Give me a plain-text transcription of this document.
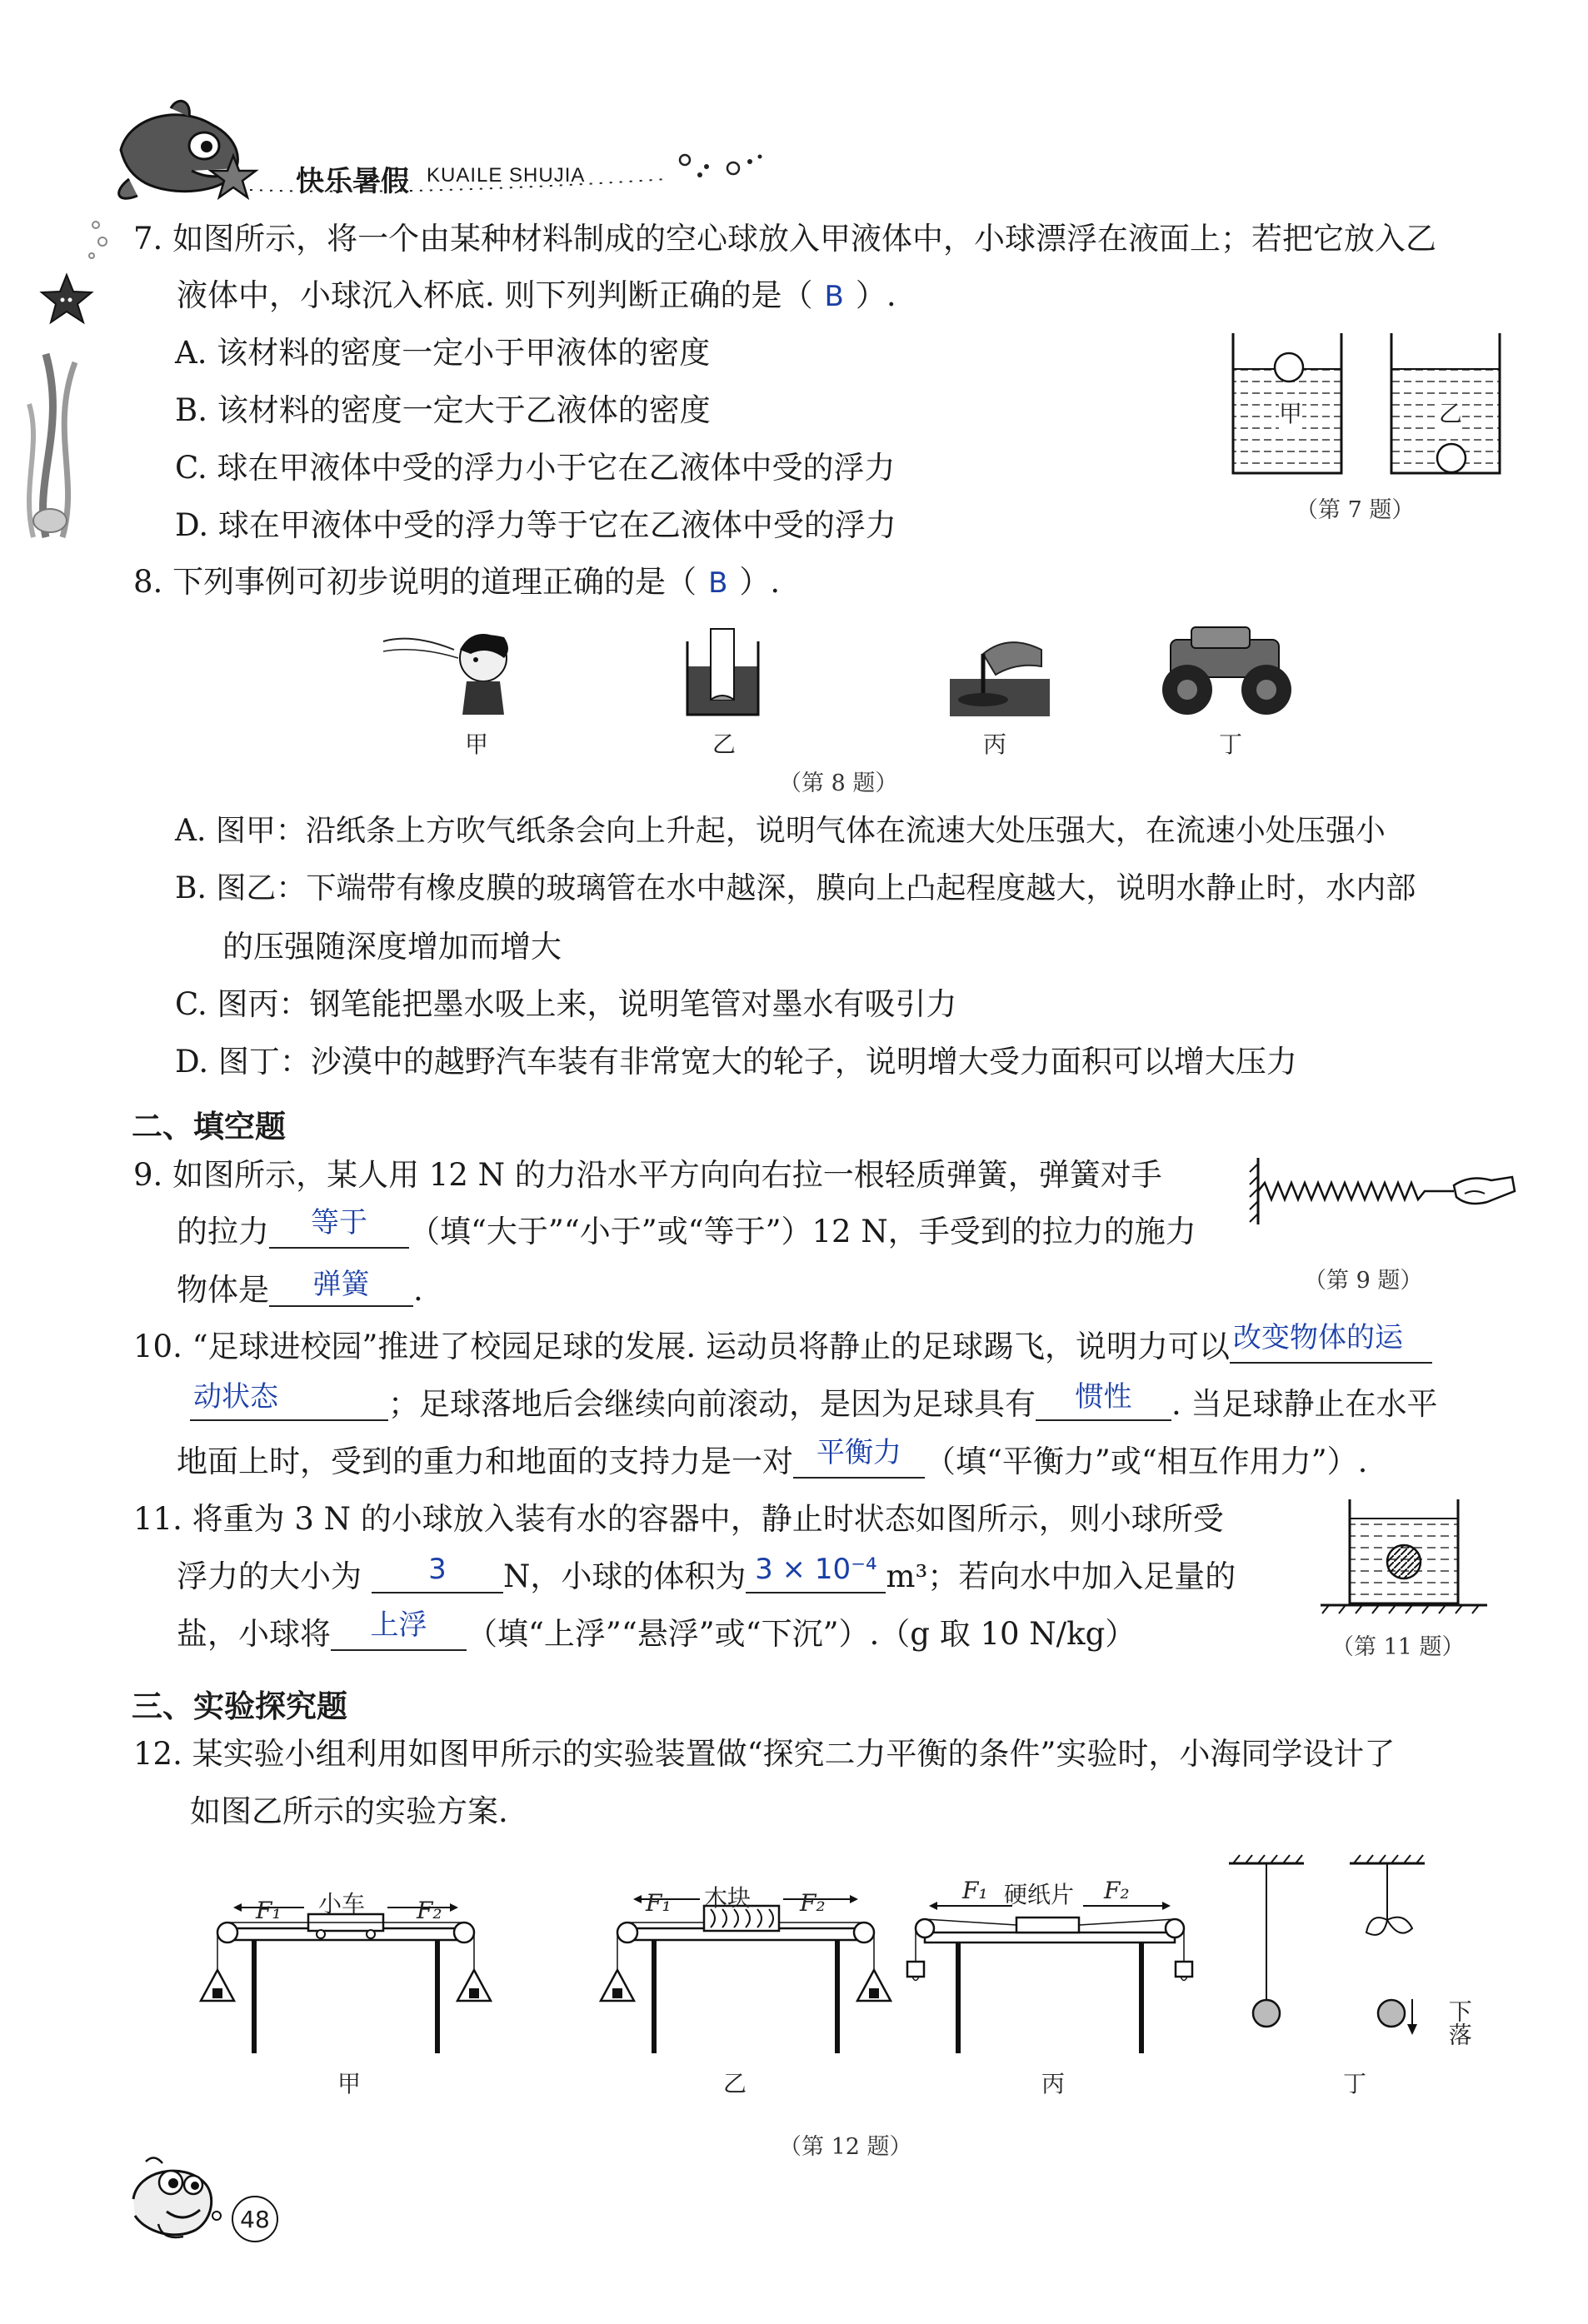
快乐暑假 KUAILE SHUJIA
7. 如图所示，将一个由某种材料制成的空心球放入甲液体中，小球漂浮在液面上；若把它放入乙
液体中，小球沉入杯底. 则下列判断正确的是（ B ）.
A. 该材料的密度一定小于甲液体的密度
B. 该材料的密度一定大于乙液体的密度
C. 球在甲液体中受的浮力小于它在乙液体中受的浮力
D. 球在甲液体中受的浮力等于它在乙液体中受的浮力
甲	乙
（第 7 题）
8. 下列事例可初步说明的道理正确的是（ B ）.
甲	乙	丙	丁
（第 8 题）
A. 图甲：沿纸条上方吹气纸条会向上升起，说明气体在流速大处压强大，在流速小处压强小
B. 图乙：下端带有橡皮膜的玻璃管在水中越深，膜向上凸起程度越大，说明水静止时，水内部
的压强随深度增加而增大
C. 图丙：钢笔能把墨水吸上来，说明笔管对墨水有吸引力
D. 图丁：沙漠中的越野汽车装有非常宽大的轮子，说明增大受力面积可以增大压力
二、填空题
9. 如图所示，某人用 12 N 的力沿水平方向向右拉一根轻质弹簧，弹簧对手
的拉力 等于 （填“大于”“小于”或“等于”）12 N，手受到的拉力的施力
物体是 弹簧 .	（第 9 题）
10. “足球进校园”推进了校园足球的发展. 运动员将静止的足球踢飞，说明力可以 改变物体的运
动状态	；足球落地后会继续向前滚动，是因为足球具有 惯性 . 当足球静止在水平
地面上时，受到的重力和地面的支持力是一对 平衡力 （填“平衡力”或“相互作用力”）.
11. 将重为 3 N 的小球放入装有水的容器中，静止时状态如图所示，则小球所受
浮力的大小为 3 N，小球的体积为 3 × 10⁻⁴ m³；若向水中加入足量的
盐，小球将 上浮 （填“上浮”“悬浮”或“下沉”）.（g 取 10 N/kg）	（第 11 题）
三、实验探究题
12. 某实验小组利用如图甲所示的实验装置做“探究二力平衡的条件”实验时，小海同学设计了
如图乙所示的实验方案.
小车
F₁	F₂
甲
木块
F₁	F₂
乙
硬纸片
F₁	F₂
丙
下落
丁
（第 12 题）
48
